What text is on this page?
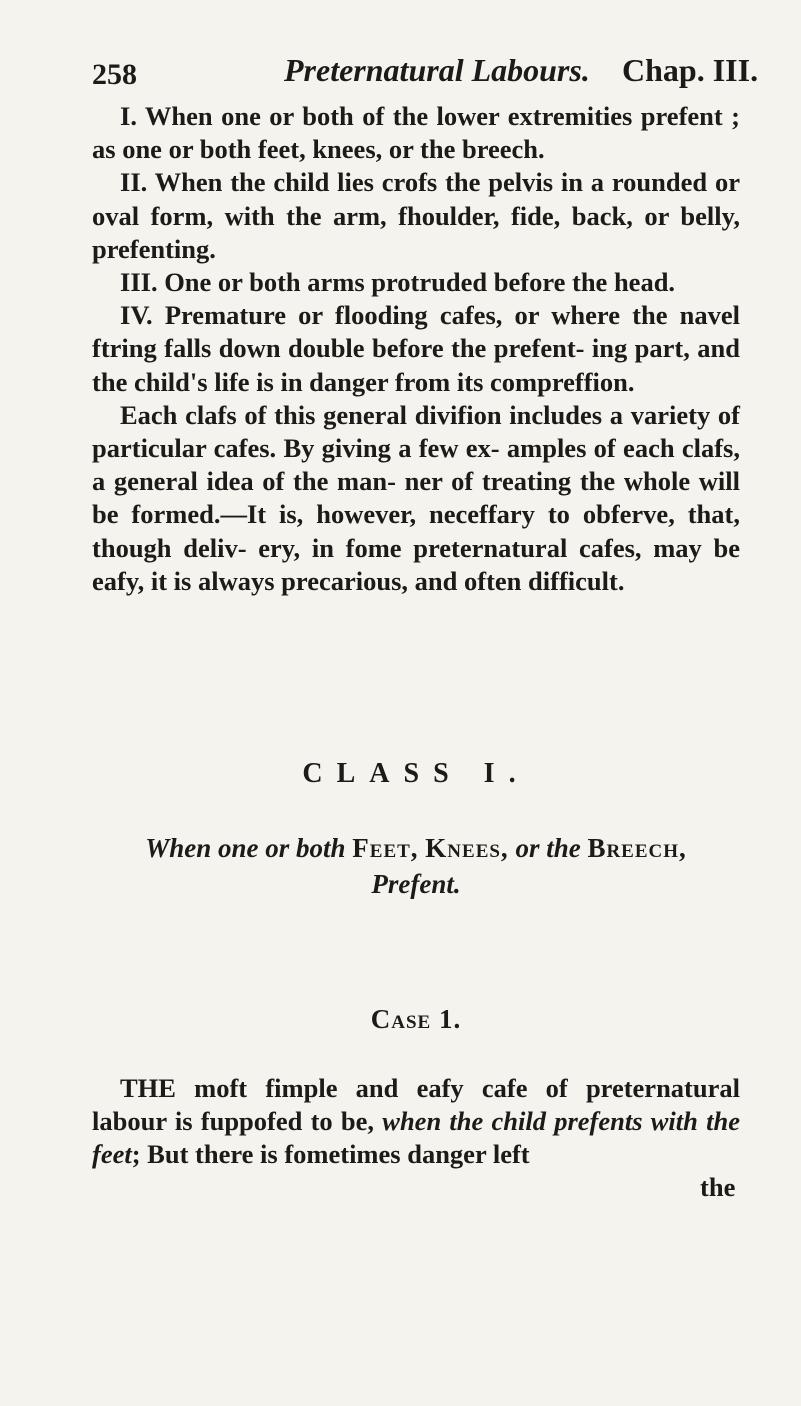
258	Preternatural Labours. Chap. III.

I. When one or both of the lower extremities prefent ; as one or both feet, knees, or the breech.

II. When the child lies crofs the pelvis in a rounded or oval form, with the arm, fhoulder, fide, back, or belly, prefenting.

III. One or both arms protruded before the head.

IV. Premature or flooding cafes, or where the navel ftring falls down double before the prefent- ing part, and the child's life is in danger from its compreffion.

Each clafs of this general divifion includes a variety of particular cafes. By giving a few ex- amples of each clafs, a general idea of the man- ner of treating the whole will be formed.—It is, however, neceffary to obferve, that, though deliv- ery, in fome preternatural cafes, may be eafy, it is always precarious, and often difficult.

CLASS I.
When one or both Feet, Knees, or the Breech,
Prefent.
Case 1.

THE moft fimple and eafy cafe of preternatural labour is fuppofed to be, when the child prefents with the feet; But there is fometimes danger left

the
